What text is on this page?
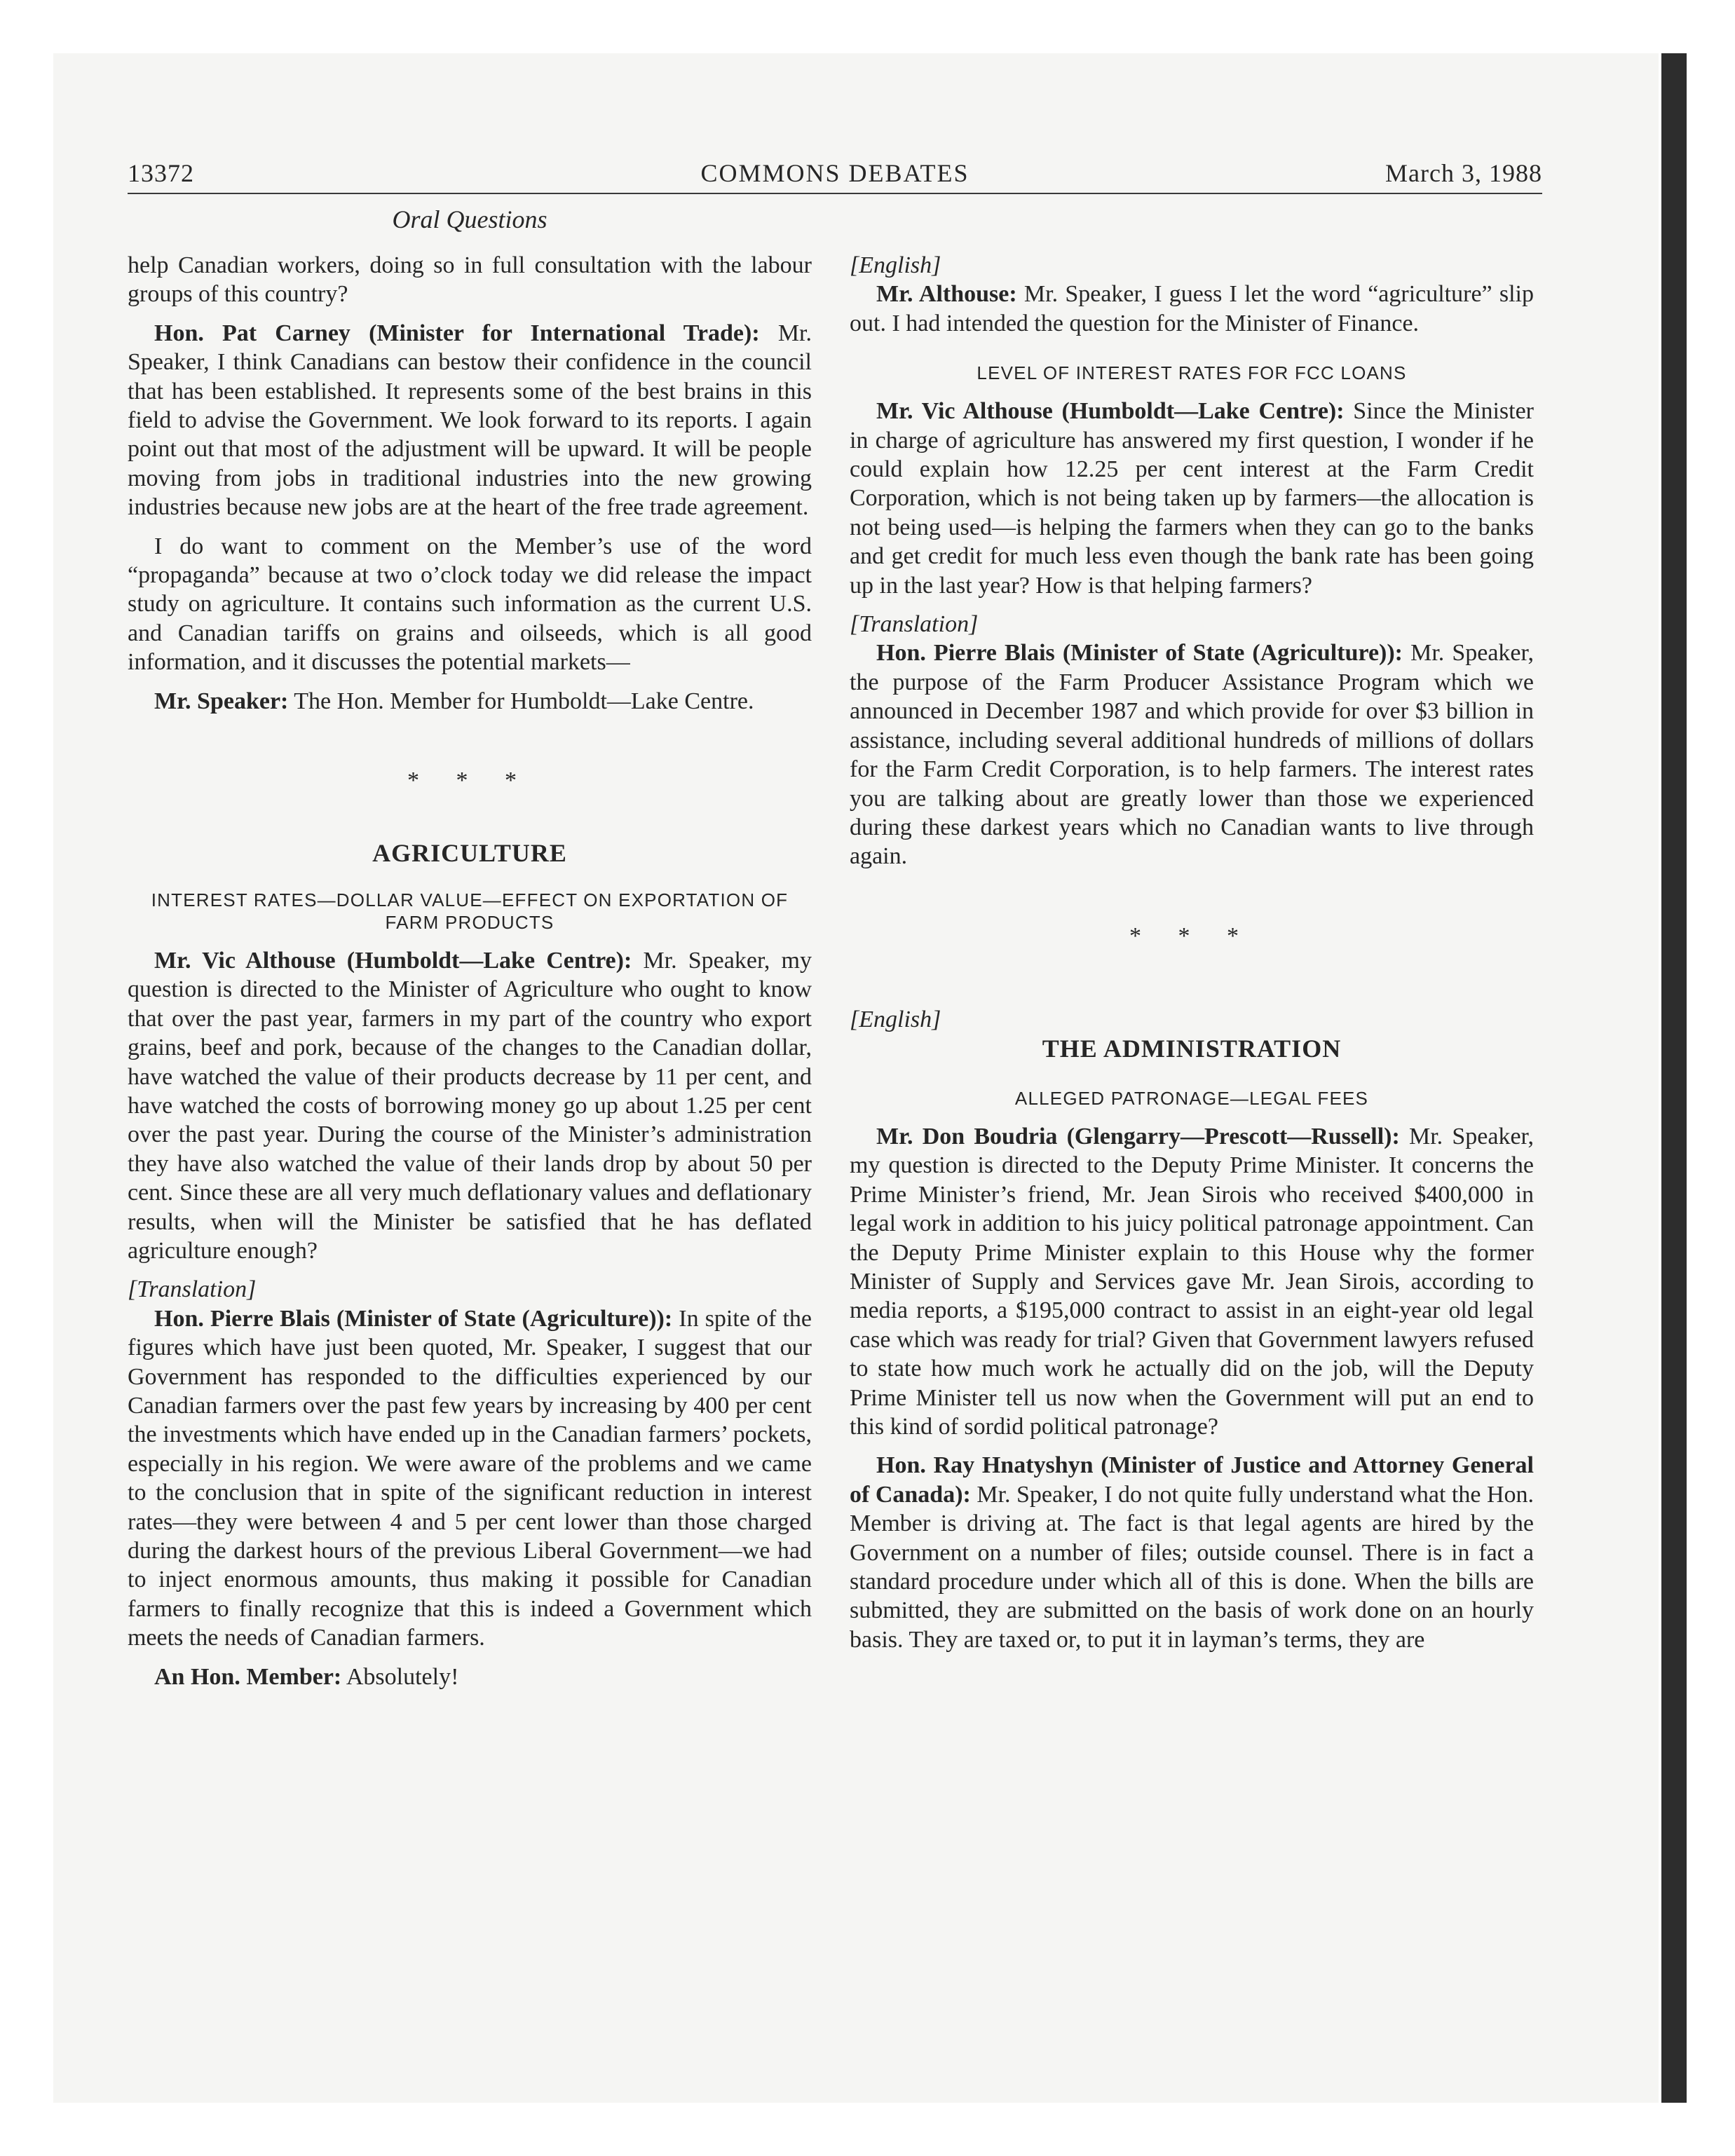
13372	COMMONS DEBATES	March 3, 1988
Oral Questions

help Canadian workers, doing so in full consultation with the labour groups of this country?

Hon. Pat Carney (Minister for International Trade): Mr. Speaker, I think Canadians can bestow their confidence in the council that has been established. It represents some of the best brains in this field to advise the Government. We look forward to its reports. I again point out that most of the adjustment will be upward. It will be people moving from jobs in traditional industries into the new growing industries because new jobs are at the heart of the free trade agreement.

I do want to comment on the Member’s use of the word “propaganda” because at two o’clock today we did release the impact study on agriculture. It contains such information as the current U.S. and Canadian tariffs on grains and oilseeds, which is all good information, and it discusses the potential markets—

Mr. Speaker: The Hon. Member for Humboldt—Lake Centre.

* * *
AGRICULTURE
INTEREST RATES—DOLLAR VALUE—EFFECT ON EXPORTATION OF FARM PRODUCTS

Mr. Vic Althouse (Humboldt—Lake Centre): Mr. Speaker, my question is directed to the Minister of Agriculture who ought to know that over the past year, farmers in my part of the country who export grains, beef and pork, because of the changes to the Canadian dollar, have watched the value of their products decrease by 11 per cent, and have watched the costs of borrowing money go up about 1.25 per cent over the past year. During the course of the Minister’s administration they have also watched the value of their lands drop by about 50 per cent. Since these are all very much deflationary values and deflationary results, when will the Minister be satisfied that he has deflated agriculture enough?

[Translation]

Hon. Pierre Blais (Minister of State (Agriculture)): In spite of the figures which have just been quoted, Mr. Speaker, I suggest that our Government has responded to the difficulties experienced by our Canadian farmers over the past few years by increasing by 400 per cent the investments which have ended up in the Canadian farmers’ pockets, especially in his region. We were aware of the problems and we came to the conclusion that in spite of the significant reduction in interest rates—they were between 4 and 5 per cent lower than those charged during the darkest hours of the previous Liberal Government—we had to inject enormous amounts, thus making it possible for Canadian farmers to finally recognize that this is indeed a Government which meets the needs of Canadian farmers.

An Hon. Member: Absolutely!

[English]

Mr. Althouse: Mr. Speaker, I guess I let the word “agriculture” slip out. I had intended the question for the Minister of Finance.

LEVEL OF INTEREST RATES FOR FCC LOANS

Mr. Vic Althouse (Humboldt—Lake Centre): Since the Minister in charge of agriculture has answered my first question, I wonder if he could explain how 12.25 per cent interest at the Farm Credit Corporation, which is not being taken up by farmers—the allocation is not being used—is helping the farmers when they can go to the banks and get credit for much less even though the bank rate has been going up in the last year? How is that helping farmers?

[Translation]

Hon. Pierre Blais (Minister of State (Agriculture)): Mr. Speaker, the purpose of the Farm Producer Assistance Program which we announced in December 1987 and which provide for over $3 billion in assistance, including several additional hundreds of millions of dollars for the Farm Credit Corporation, is to help farmers. The interest rates you are talking about are greatly lower than those we experienced during these darkest years which no Canadian wants to live through again.

* * *

[English]

THE ADMINISTRATION
ALLEGED PATRONAGE—LEGAL FEES

Mr. Don Boudria (Glengarry—Prescott—Russell): Mr. Speaker, my question is directed to the Deputy Prime Minister. It concerns the Prime Minister’s friend, Mr. Jean Sirois who received $400,000 in legal work in addition to his juicy political patronage appointment. Can the Deputy Prime Minister explain to this House why the former Minister of Supply and Services gave Mr. Jean Sirois, according to media reports, a $195,000 contract to assist in an eight-year old legal case which was ready for trial? Given that Government lawyers refused to state how much work he actually did on the job, will the Deputy Prime Minister tell us now when the Government will put an end to this kind of sordid political patronage?

Hon. Ray Hnatyshyn (Minister of Justice and Attorney General of Canada): Mr. Speaker, I do not quite fully understand what the Hon. Member is driving at. The fact is that legal agents are hired by the Government on a number of files; outside counsel. There is in fact a standard procedure under which all of this is done. When the bills are submitted, they are submitted on the basis of work done on an hourly basis. They are taxed or, to put it in layman’s terms, they are
